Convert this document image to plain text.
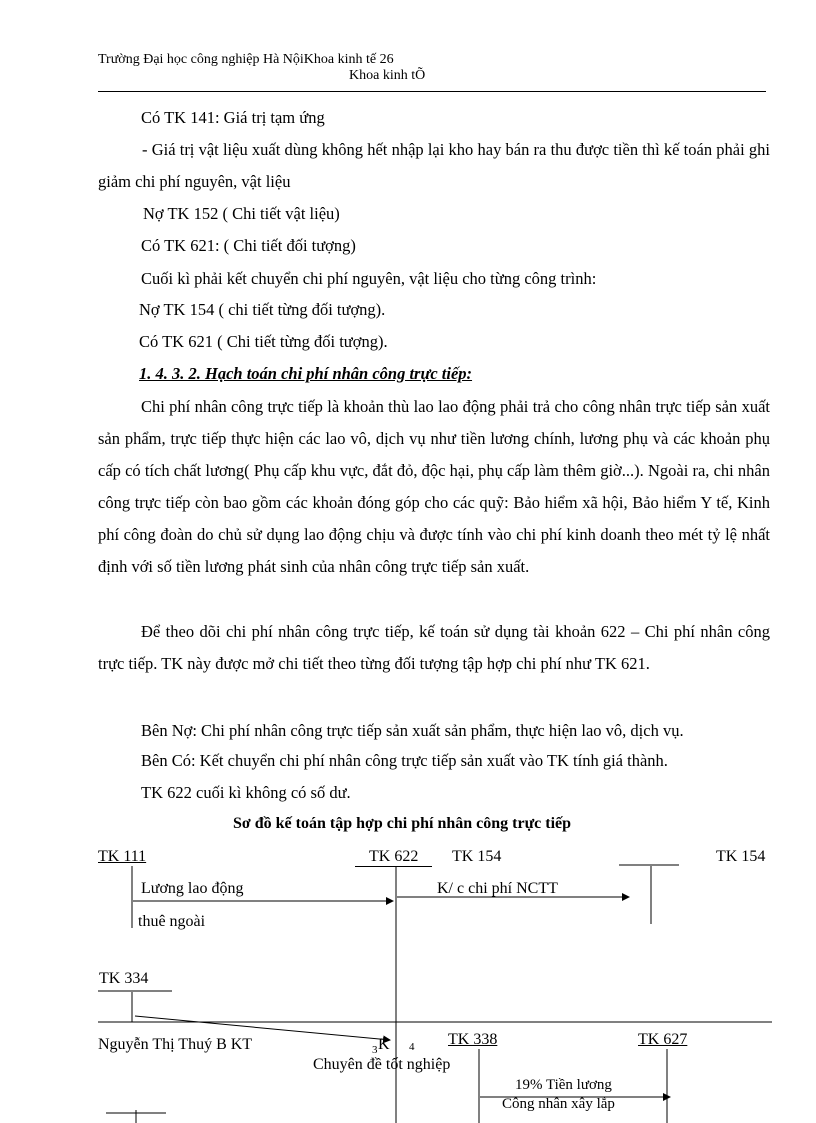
Trường Đại học công nghiệp Hà NộiKhoa kinh tế 26
Khoa kinh tÕ
Có TK 141: Giá trị tạm ứng
- Giá trị vật liệu xuất dùng không hết nhập lại kho hay bán ra thu được tiền thì kế toán phải ghi giảm chi phí nguyên, vật liệu
Nợ TK 152 ( Chi tiết vật liệu)
Có TK 621: ( Chi tiết đối tượng)
Cuối kì phải kết chuyển chi phí nguyên, vật liệu cho từng công trình:
Nợ TK 154 ( chi tiết từng đối tượng).
Có TK 621 ( Chi tiết từng đối tượng).
1. 4. 3. 2. Hạch toán chi phí nhân công trực tiếp:
Chi phí nhân công trực tiếp là khoản thù lao lao động phải trả cho công nhân trực tiếp sản xuất sản phẩm, trực tiếp thực hiện các lao vô, dịch vụ như tiền lương chính, lương phụ và các khoản phụ cấp có tích chất lương( Phụ cấp khu vực, đắt đỏ, độc hại, phụ cấp làm thêm giờ...). Ngoài ra, chi nhân công trực tiếp còn bao gồm các khoản đóng góp cho các quỹ: Bảo hiểm xã hội, Bảo hiểm Y tế, Kinh phí công đoàn do chủ sử dụng lao động chịu và được tính vào chi phí kinh doanh theo mét tỷ lệ nhất định với số tiền lương phát sinh của nhân công trực tiếp sản xuất.
Để theo dõi chi phí nhân công trực tiếp, kế toán sử dụng tài khoản 622 – Chi phí nhân công trực tiếp. TK này được mở chi tiết theo từng đối tượng tập hợp chi phí như TK 621.
Bên Nợ: Chi phí nhân công trực tiếp sản xuất sản phẩm, thực hiện lao vô, dịch vụ.
Bên Có: Kết chuyển chi phí nhân công trực tiếp sản xuất vào TK tính giá thành.
TK 622 cuối kì không có số dư.
Sơ đồ kế toán tập hợp chi phí nhân công trực tiếp
TK 111	TK 622	TK 154	TK 154
Lương lao động
thuê ngoài
K/ c chi phí NCTT
TK 334
TK 338	TK 627
19% Tiền lương
Công nhân xây lắp
Nguyễn Thị Thuý B KT	3 K 4
Chuyên đề tốt nghiệp
